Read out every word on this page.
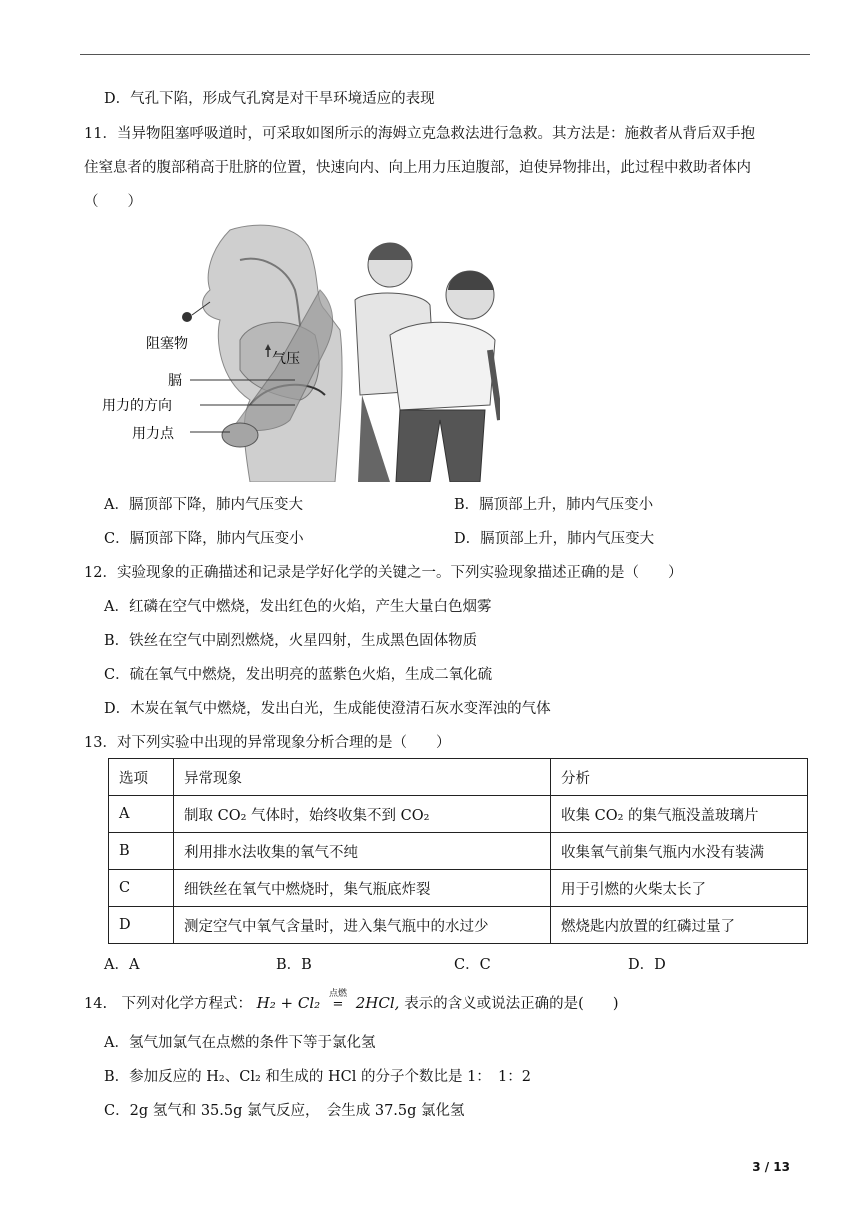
D．气孔下陷，形成气孔窝是对干旱环境适应的表现
11．当异物阻塞呼吸道时，可采取如图所示的海姆立克急救法进行急救。其方法是：施救者从背后双手抱
住窒息者的腹部稍高于肚脐的位置，快速向内、向上用力压迫腹部，迫使异物排出，此过程中救助者体内
（　　）
阻塞物
气压
膈
用力的方向
用力点
A．膈顶部下降，肺内气压变大	B．膈顶部上升，肺内气压变小
C．膈顶部下降，肺内气压变小	D．膈顶部上升，肺内气压变大
12．实验现象的正确描述和记录是学好化学的关键之一。下列实验现象描述正确的是（　　）
A．红磷在空气中燃烧，发出红色的火焰，产生大量白色烟雾
B．铁丝在空气中剧烈燃烧，火星四射，生成黑色固体物质
C．硫在氧气中燃烧，发出明亮的蓝紫色火焰，生成二氧化硫
D．木炭在氧气中燃烧，发出白光，生成能使澄清石灰水变浑浊的气体
13．对下列实验中出现的异常现象分析合理的是（　　）
选项	异常现象	分析
A	制取 CO₂ 气体时，始终收集不到 CO₂	收集 CO₂ 的集气瓶没盖玻璃片
B	利用排水法收集的氧气不纯	收集氧气前集气瓶内水没有装满
C	细铁丝在氧气中燃烧时，集气瓶底炸裂	用于引燃的火柴太长了
D	测定空气中氧气含量时，进入集气瓶中的水过少	燃烧匙内放置的红磷过量了
A．A	B．B	C．C	D．D
14.　下列对化学方程式： H₂ + Cl₂ 点燃
= 2HCl, 表示的含义或说法正确的是(　　)
A．氢气加氯气在点燃的条件下等于氯化氢
B．参加反应的 H₂、Cl₂ 和生成的 HCl 的分子个数比是 1：　1：2
C．2g 氢气和 35.5g 氯气反应，　会生成 37.5g 氯化氢
3 / 13
